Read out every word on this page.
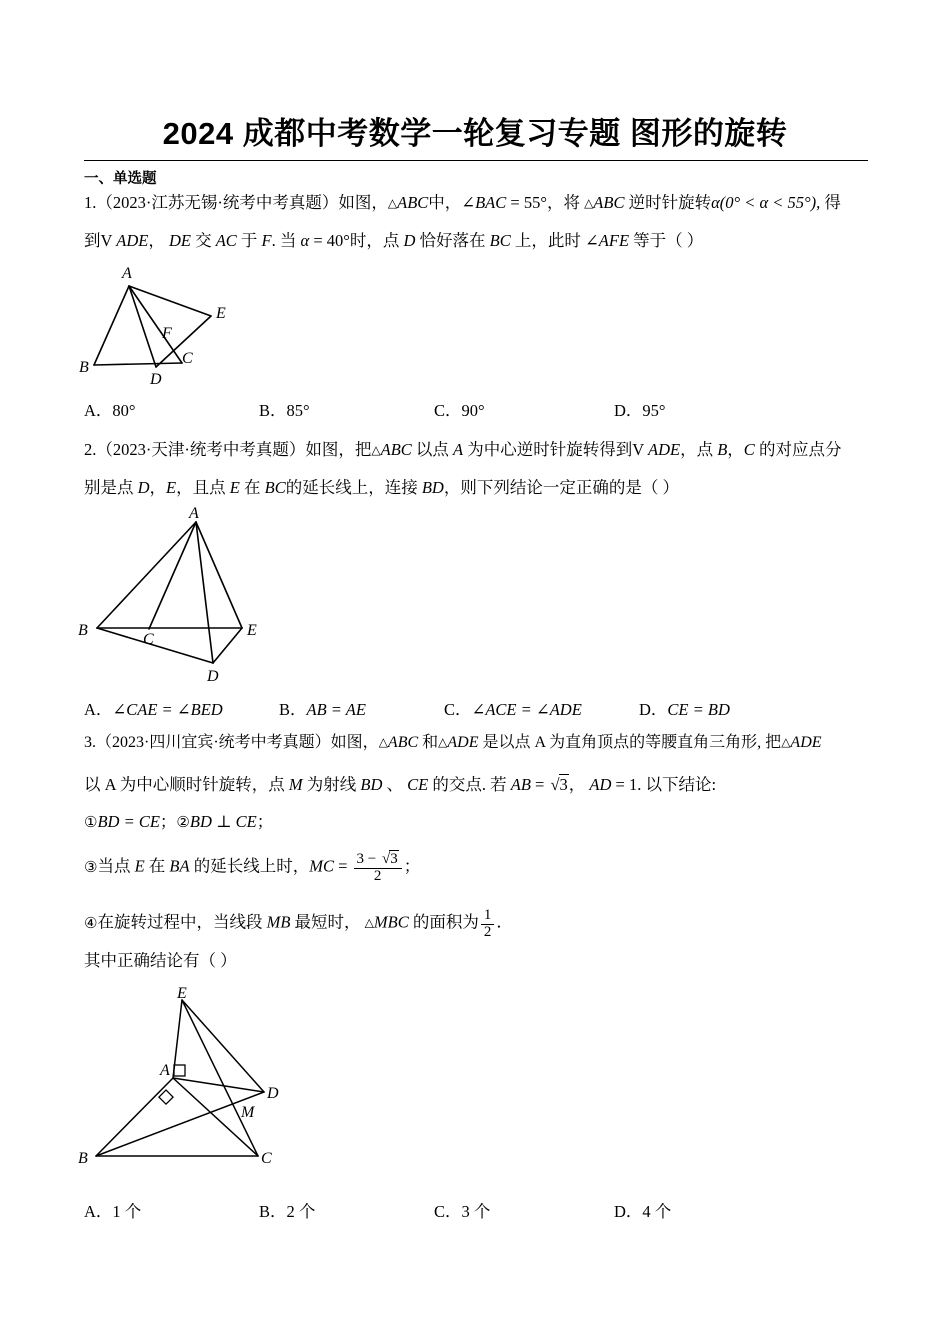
2024 成都中考数学一轮复习专题 图形的旋转
一、单选题
1.（2023·江苏无锡·统考中考真题）如图，△ABC中，∠BAC = 55°，将 △ABC 逆时针旋转α(0° < α < 55°), 得
到V ADE， DE 交 AC 于 F. 当 α = 40°时，点 D 恰好落在 BC 上，此时 ∠AFE 等于（ ）
A
B
C
D
E
F
A．80°	B．85°	C．90°	D．95°
2.（2023·天津·统考中考真题）如图，把△ABC 以点 A 为中心逆时针旋转得到V ADE，点 B，C 的对应点分
别是点 D，E，且点 E 在 BC的延长线上，连接 BD，则下列结论一定正确的是（ ）
A
B
C
D
E
A．∠CAE = ∠BED	B．AB = AE	C．∠ACE = ∠ADE	D．CE = BD
3.（2023·四川宜宾·统考中考真题）如图，△ABC 和△ADE 是以点 A 为直角顶点的等腰直角三角形, 把△ADE
以 A 为中心顺时针旋转，点 M 为射线 BD 、 CE 的交点. 若 AB = √3， AD = 1. 以下结论:
①BD = CE；②BD ⊥ CE；
③当点 E 在 BA 的延长线上时，MC = $\frac{3 - √3}{2}$ ；
④在旋转过程中，当线段 MB 最短时， △MBC 的面积为 $\frac{1}{2}$ ．
其中正确结论有（ ）
E
A
D
M
B	C
A．1 个	B．2 个	C．3 个	D．4 个
